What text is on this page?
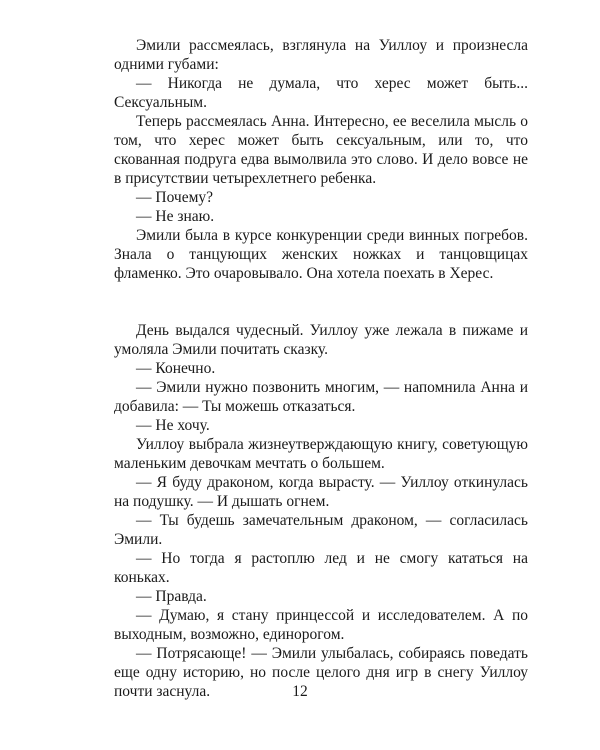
Эмили рассмеялась, взглянула на Уиллоу и произнесла одними губами:

— Никогда не думала, что херес может быть... Сексуальным.

Теперь рассмеялась Анна. Интересно, ее веселила мысль о том, что херес может быть сексуальным, или то, что скованная подруга едва вымолвила это слово. И дело вовсе не в присутствии четырехлетнего ребенка.

— Почему?

— Не знаю.

Эмили была в курсе конкуренции среди винных погребов. Знала о танцующих женских ножках и танцовщицах фламенко. Это очаровывало. Она хотела поехать в Херес.

День выдался чудесный. Уиллоу уже лежала в пижаме и умоляла Эмили почитать сказку.

— Конечно.

— Эмили нужно позвонить многим, — напомнила Анна и добавила: — Ты можешь отказаться.

— Не хочу.

Уиллоу выбрала жизнеутверждающую книгу, советующую маленьким девочкам мечтать о большем.

— Я буду драконом, когда вырасту. — Уиллоу откинулась на подушку. — И дышать огнем.

— Ты будешь замечательным драконом, — согласилась Эмили.

— Но тогда я растоплю лед и не смогу кататься на коньках.

— Правда.

— Думаю, я стану принцессой и исследователем. А по выходным, возможно, единорогом.

— Потрясающе! — Эмили улыбалась, собираясь поведать еще одну историю, но после целого дня игр в снегу Уиллоу почти заснула.	12
